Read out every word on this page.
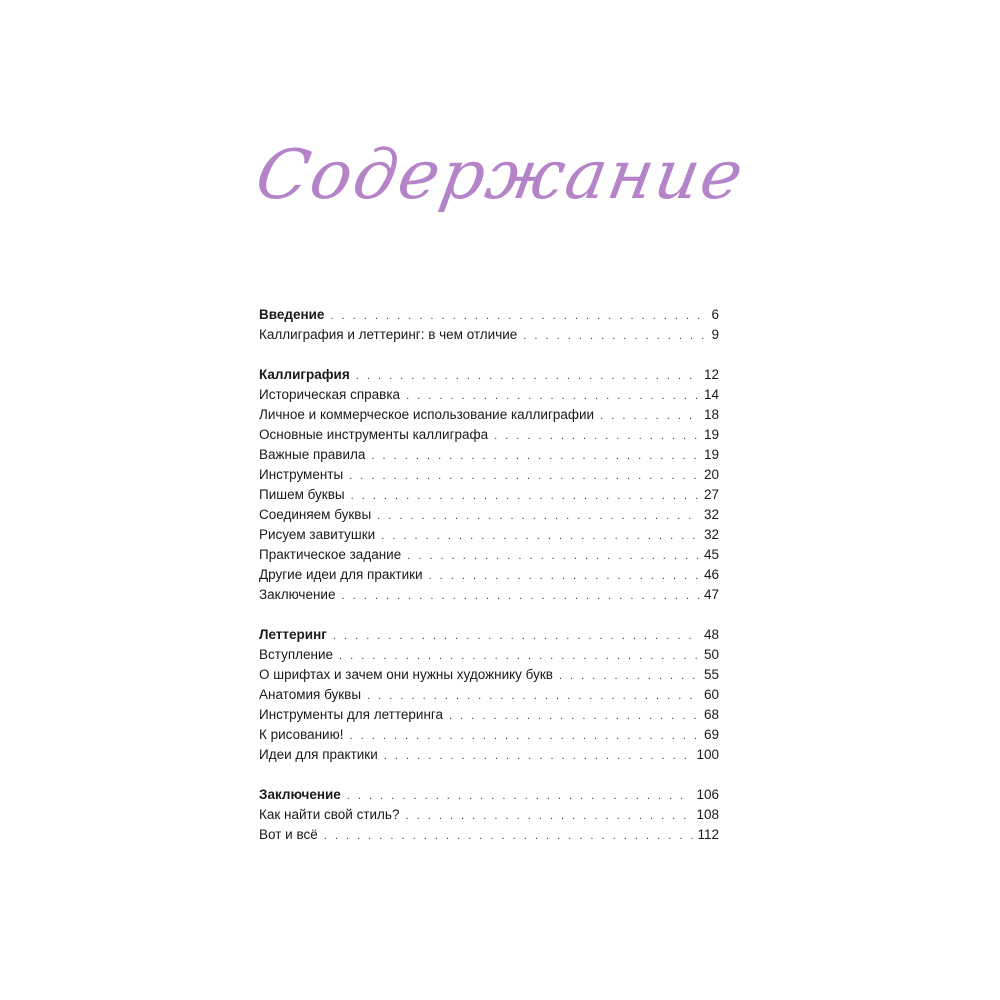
Содержание
Введение . . .	6
Каллиграфия и леттеринг: в чем отличие . . .	9
Каллиграфия . . .	12
Историческая справка . . .	14
Личное и коммерческое использование каллиграфии . . .	18
Основные инструменты каллиграфа . . .	19
Важные правила . . .	19
Инструменты . . .	20
Пишем буквы . . .	27
Соединяем буквы . . .	32
Рисуем завитушки . . .	32
Практическое задание . . .	45
Другие идеи для практики . . .	46
Заключение . . .	47
Леттеринг . . .	48
Вступление . . .	50
О шрифтах и зачем они нужны художнику букв . . .	55
Анатомия буквы . . .	60
Инструменты для леттеринга . . .	68
К рисованию! . . .	69
Идеи для практики . . .	100
Заключение . . .	106
Как найти свой стиль? . . .	108
Вот и всё . . .	112
